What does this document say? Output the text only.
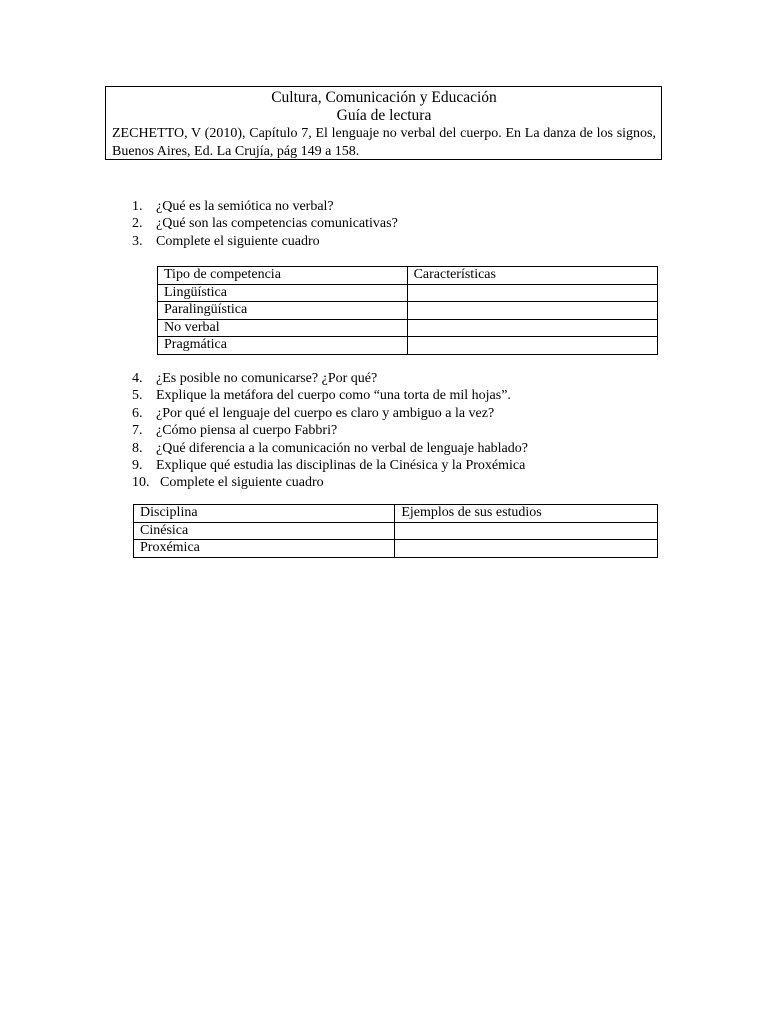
Cultura, Comunicación y Educación
Guía de lectura
ZECHETTO, V (2010), Capítulo 7, El lenguaje no verbal del cuerpo. En La danza de los signos, Buenos Aires, Ed. La Crujía, pág 149 a 158.
1. ¿Qué es la semiótica no verbal?
2. ¿Qué son las competencias comunicativas?
3. Complete el siguiente cuadro
Tipo de competencia	Características
Lingüística	
Paralingüística	
No verbal	
Pragmática	
4. ¿Es posible no comunicarse? ¿Por qué?
5. Explique la metáfora del cuerpo como “una torta de mil hojas”.
6. ¿Por qué el lenguaje del cuerpo es claro y ambiguo a la vez?
7. ¿Cómo piensa al cuerpo Fabbri?
8. ¿Qué diferencia a la comunicación no verbal de lenguaje hablado?
9. Explique qué estudia las disciplinas de la Cinésica y la Proxémica
10. Complete el siguiente cuadro
Disciplina	Ejemplos de sus estudios
Cinésica	
Proxémica	
